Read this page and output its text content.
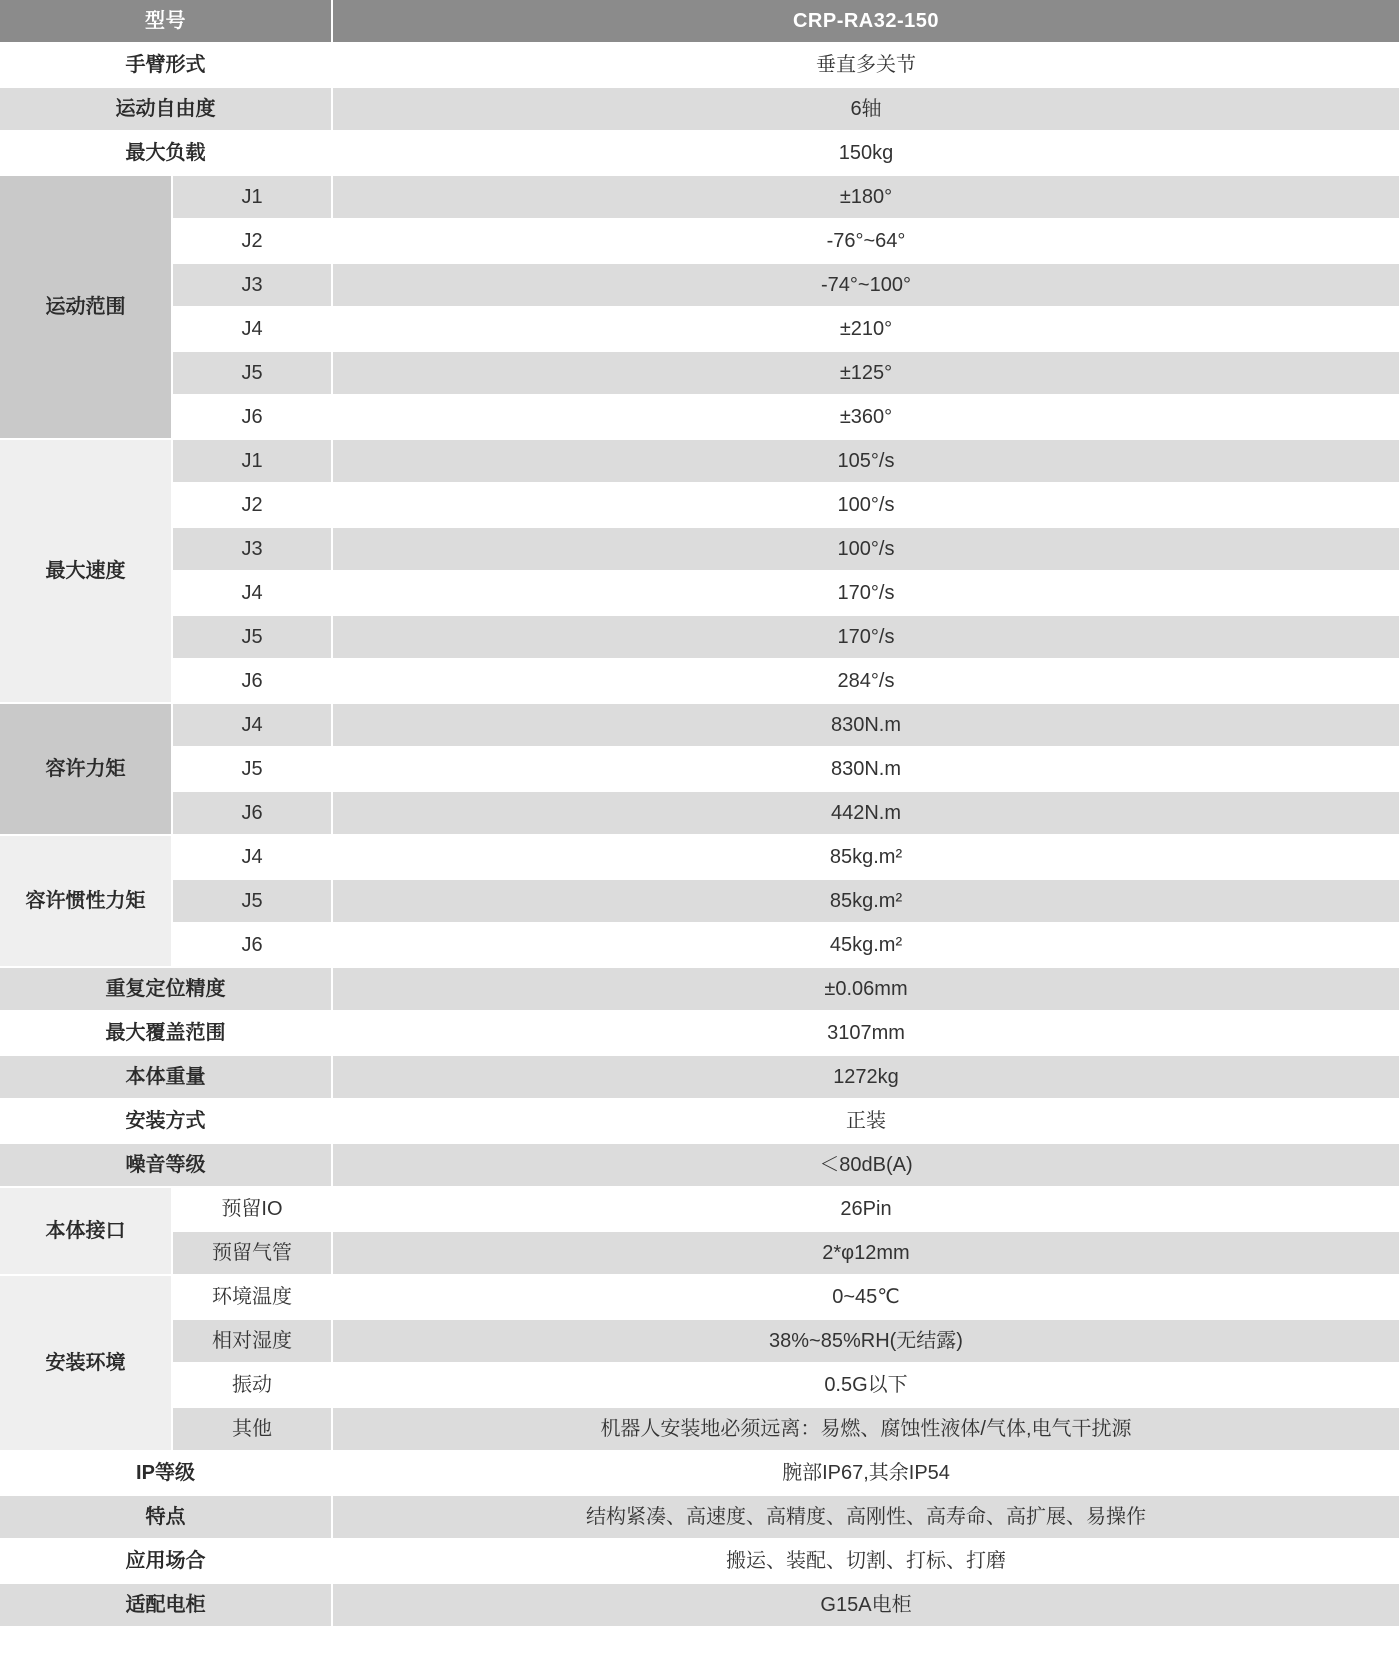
型号		CRP-RA32-150
手臂形式		垂直多关节
运动自由度		6轴
最大负载		150kg
运动范围	J1	±180°
	J2	-76°~64°
	J3	-74°~100°
	J4	±210°
	J5	±125°
	J6	±360°
最大速度	J1	105°/s
	J2	100°/s
	J3	100°/s
	J4	170°/s
	J5	170°/s
	J6	284°/s
容许力矩	J4	830N.m
	J5	830N.m
	J6	442N.m
容许惯性力矩	J4	85kg.m²
	J5	85kg.m²
	J6	45kg.m²
重复定位精度		±0.06mm
最大覆盖范围		3107mm
本体重量		1272kg
安装方式		正装
噪音等级		＜80dB(A)
本体接口	预留IO	26Pin
	预留气管	2*φ12mm
安装环境	环境温度	0~45℃
	相对湿度	38%~85%RH(无结露)
	振动	0.5G以下
	其他	机器人安装地必须远离：易燃、腐蚀性液体/气体,电气干扰源
IP等级		腕部IP67,其余IP54
特点		结构紧凑、高速度、高精度、高刚性、高寿命、高扩展、易操作
应用场合		搬运、装配、切割、打标、打磨
适配电柜		G15A电柜
